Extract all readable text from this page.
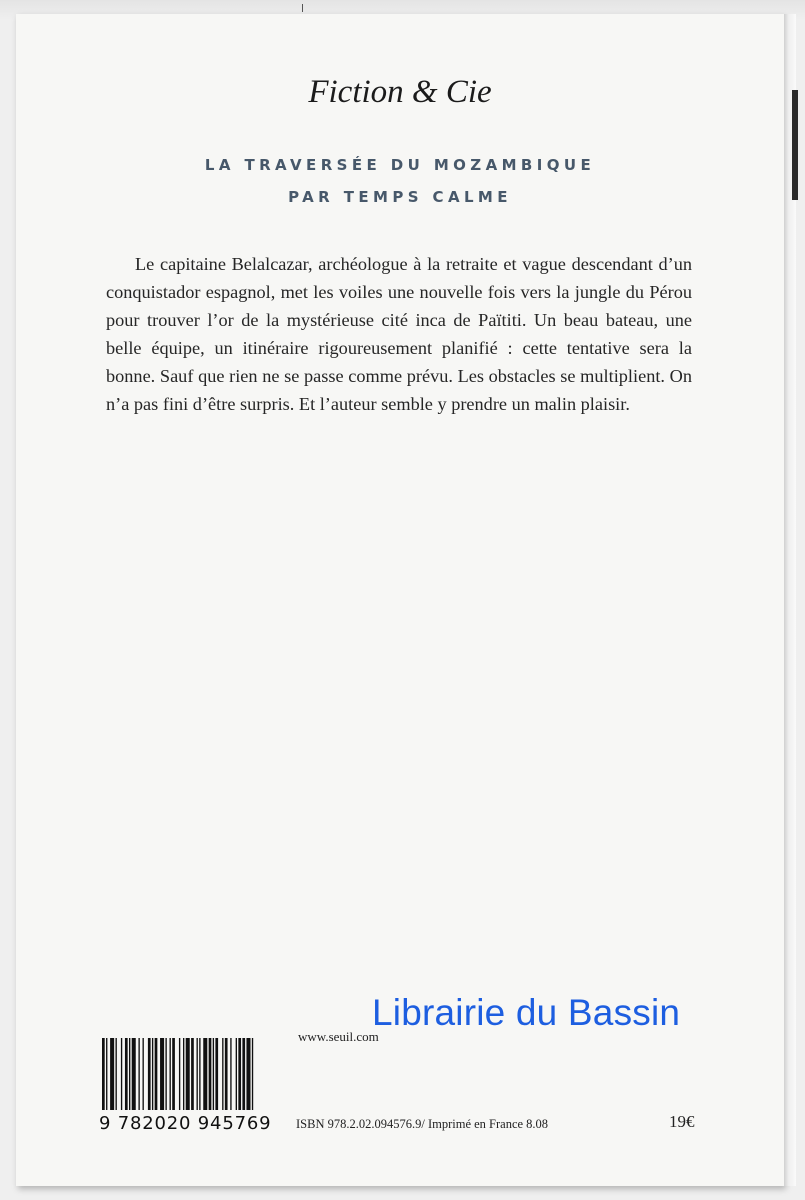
Fiction & Cie
LA TRAVERSÉE DU MOZAMBIQUE
PAR TEMPS CALME
Le capitaine Belalcazar, archéologue à la retraite et vague descendant d’un conquistador espagnol, met les voiles une nouvelle fois vers la jungle du Pérou pour trouver l’or de la mystérieuse cité inca de Païtiti. Un beau bateau, une belle équipe, un itinéraire rigoureusement planifié : cette tentative sera la bonne. Sauf que rien ne se passe comme prévu. Les obstacles se multiplient. On n’a pas fini d’être surpris. Et l’auteur semble y prendre un malin plaisir.
Librairie du Bassin
www.seuil.com
9 782020 945769 ISBN 978.2.02.094576.9/ Imprimé en France 8.08	19€
